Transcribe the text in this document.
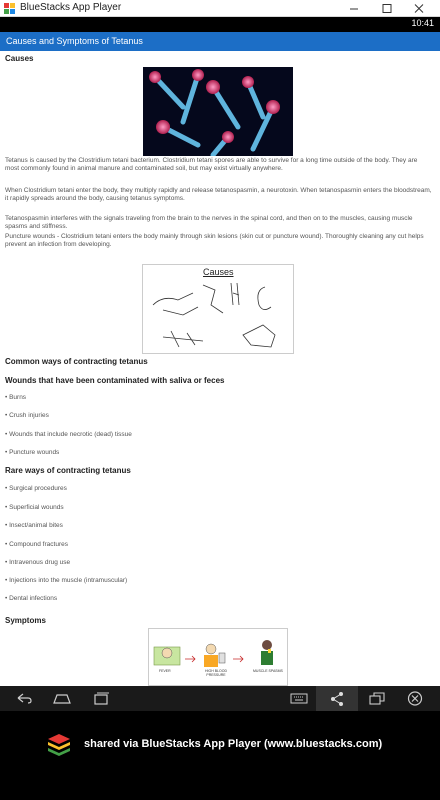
BlueStacks App Player
10:41
Causes and Symptoms of Tetanus
Causes

Tetanus is caused by the Clostridium tetani bacterium. Clostridium tetani spores are able to survive for a long time outside of the body. They are most commonly found in animal manure and contaminated soil, but may exist virtually anywhere.

When Clostridium tetani enter the body, they multiply rapidly and release tetanospasmin, a neurotoxin. When tetanospasmin enters the bloodstream, it rapidly spreads around the body, causing tetanus symptoms.

Tetanospasmin interferes with the signals traveling from the brain to the nerves in the spinal cord, and then on to the muscles, causing muscle spasms and stiffness.

Puncture wounds - Clostridium tetani enters the body mainly through skin lesions (skin cut or puncture wound). Thoroughly cleaning any cut helps prevent an infection from developing.

Causes
Common ways of contracting tetanus
Wounds that have been contaminated with saliva or feces
• Burns
• Crush injuries
• Wounds that include necrotic (dead) tissue
• Puncture wounds
Rare ways of contracting tetanus
• Surgical procedures
• Superficial wounds
• Insect/animal bites
• Compound fractures
• Intravenous drug use
• Injections into the muscle (intramuscular)
• Dental infections
Symptoms
FEVER	HIGH BLOOD PRESSURE
MUSCLE SPASMS
shared via BlueStacks App Player (www.bluestacks.com)
